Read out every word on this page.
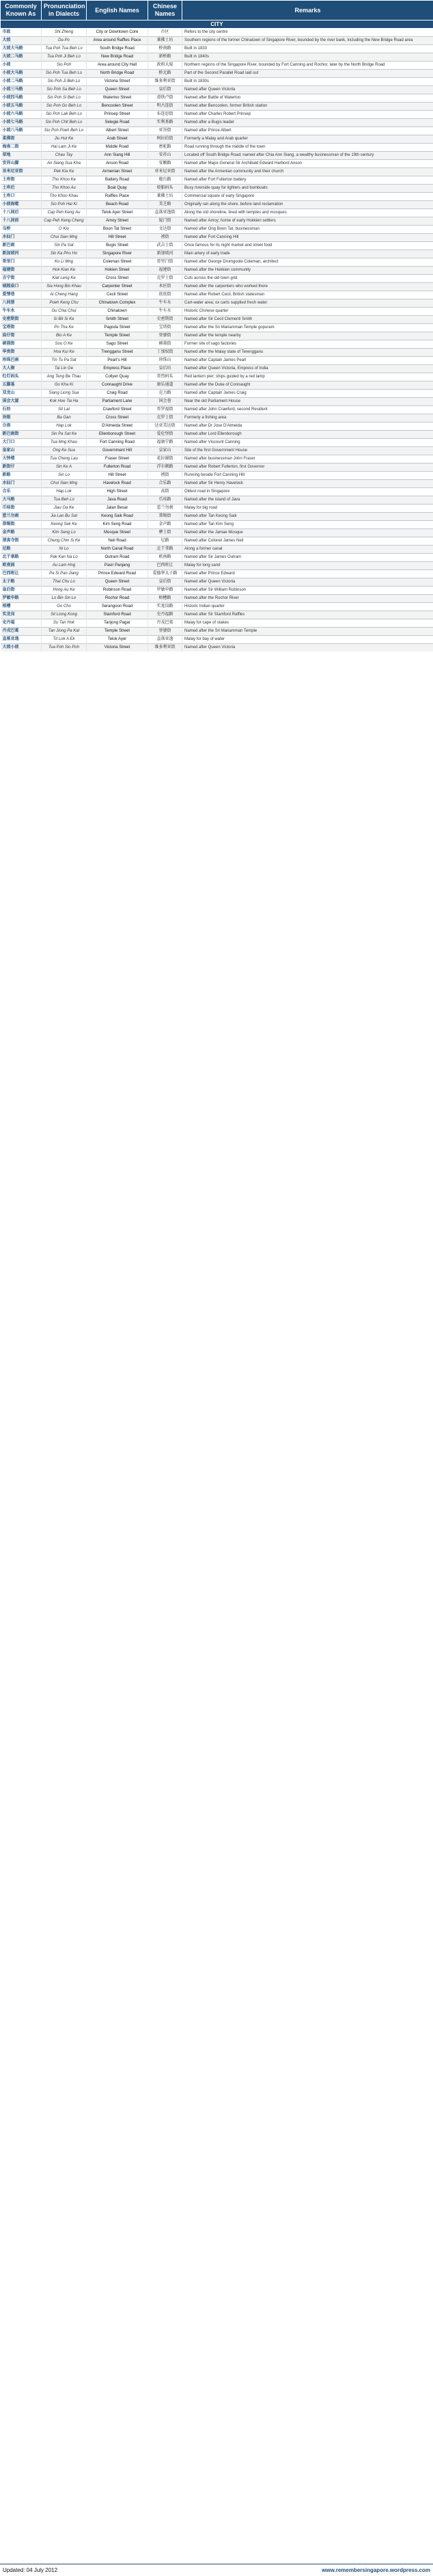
Commonly Known As	Pronunciation in Dialects	English Names	Chinese Names	Remarks
CITY				
市政	Shi Zheng	City or Downtown Core	市区	Refers to the city centre
大坡	Da Po	Area around Raffles Place	莱佛士坊	Southern regions of the former Chinatown of Singapore River, bounded by the river bank, including the New Bridge Road area
大坡大马路	Tua Poh Tua Beh Lo	South Bridge Road	桥南路	Built in 1833
大坡二马路	Tua Poh Ji Beh Lo	New Bridge Road	新桥路	Built in 1840s
小坡	Sio Poh	Area around City Hall	政府大厦	Northern regions of the Singapore River, bounded by Fort Canning and Rochor, later by the North Bridge Road
小坡大马路	Sio Poh Tua Beh Lo	North Bridge Road	桥北路	Part of the Second Parallel Road laid out
小坡二马路	Sio Poh Ji Beh Lo	Victoria Street	维多利亚街	Built in 1830s
小坡三马路	Sio Poh Sa Beh Lo	Queen Street	皇后街	Named after Queen Victoria
小坡四马路	Sio Poh Si Beh Lo	Waterloo Street	滑铁卢街	Named after Battle of Waterloo
小坡五马路	Sio Poh Go Beh Lo	Bencoolen Street	明古连街	Named after Bencoolen, former British station
小坡六马路	Sio Poh Lak Beh Lo	Prinsep Street	布连思街	Named after Charles Robert Prinsep
小坡七马路	Sio Poh Chit Beh Lo	Selegie Road	实利基路	Named after a Bugis leader
小坡八马路	Sio Poh Poeh Beh Lo	Albert Street	亚峇街	Named after Prince Albert
柔佛街	Jiu Hut Ke	Arab Street	阿拉伯街	Formerly a Malay and Arab quarter
海南二街	Hai Lam Ji Ke	Middle Road	密驼路	Road running through the middle of the town
草地	Chau Tay	Ann Siang Hill	安祥山	Located off South Bridge Road; named after Chia Ann Siang, a wealthy businessman of the 19th century
安祥山脚	An Siang Sua Kha	Anson Road	安顺路	Named after Major-General Sir Archibald Edward Harbord Anson
亚米尼亚街	Pek Kia Ke	Armenian Street	亚米尼亚街	Named after the Armenian community and their church
土库街	Tho Khoo Ke	Battery Road	炮台路	Named after Fort Fullerton battery
土库后	Tho Khoo Au	Boat Quay	驳船码头	Busy riverside quay for lighters and bumboats
土库口	Tho Khoo Khau	Raffles Place	莱佛士坊	Commercial square of early Singapore
小坡海墘	Sio Poh Hai Ki	Beach Road	美芝路	Originally ran along the shore, before land reclamation
十八间后	Cap Peh Keng Au	Telok Ayer Street	直落亚逸街	Along the old shoreline, lined with temples and mosques
十八间前	Cap Peh Keng Cheng	Amoy Street	厦门街	Named after Amoy; home of early Hokkien settlers
乌桥	O Kio	Boon Tat Street	文达街	Named after Ong Boon Tat, businessman
水仙门	Chui Sian Mng	Hill Street	禧街	Named after Fort Canning Hill
新巴刹	Sin Pa Sat	Bugis Street	武吉士街	Once famous for its night market and street food
新加坡河	Sin Ka Pho Ho	Singapore River	新加坡河	Main artery of early trade
哥里门	Ko Li Mng	Coleman Street	哥里门街	Named after George Drumgoole Coleman, architect
福建街	Hok Kian Ke	Hokien Street	福建街	Named after the Hokkien community
吉宁街	Kiat Leng Ke	Cross Street	克罗士街	Cuts across the old town grid
城隍庙口	Sia Hong Bio Khau	Carpenter Street	木匠街	Named after the carpenters who worked there
爱情巷	Ai Cheng Hang	Cecil Street	丝丝街	Named after Robert Cecil, British statesman
八间厝	Poeh Keng Chu	Chinatown Complex	牛车水	Cart-water area; ox carts supplied fresh water
牛车水	Gu Chia Chui	Chinatown	牛车水	Historic Chinese quarter
史密斯街	Si Bit Si Ke	Smith Street	史密斯街	Named after Sir Cecil Clementi Smith
宝塔街	Po Tha Ke	Pagoda Street	宝塔街	Named after the Sri Mariamman Temple gopuram
庙仔街	Bio A Ke	Temple Street	登婆街	Named after the temple nearby
硕莪街	Sou O Ke	Sago Street	硕莪街	Former site of sago factories
华贵街	Hoa Kui Ke	Trengganu Street	丁加奴街	Named after the Malay state of Terengganu
珍珠巴刹	Tin Tu Pa Sat	Pearl's Hill	珍珠山	Named after Captain James Pearl
大人衙	Tai Lin Ge	Empress Place	皇后坊	Named after Queen Victoria, Empress of India
红灯码头	Ang Teng Be Thau	Collyer Quay	哥烈码头	Red lantern pier; ships guided by a red lamp
五脚基	Go Kha Ki	Connaught Drive	康乐通道	Named after the Duke of Connaught
双龙山	Siang Liong Sua	Craig Road	克力路	Named after Captain James Craig
国会大厦	Kok Hoe Tai Ha	Parliament Lane	国会巷	Near the old Parliament House
石叻	Sit Lat	Crawford Street	哥罗福街	Named after John Crawfurd, second Resident
峇眼	Ba Gan	Cross Street	克罗士街	Formerly a fishing area
合洛	Hap Lok	D'Almeida Street	达亚美达街	Named after Dr Jose D'Almeida
新巴刹街	Sin Pa Sat Ke	Ellenborough Street	爱伦堡街	Named after Lord Ellenborough
大门口	Tua Mng Khau	Fort Canning Road	福康宁路	Named after Viscount Canning
皇家山	Ong Ke Sua	Government Hill	皇家山	Site of the first Government House
大钟楼	Tua Cheng Lau	Fraser Street	花拉谢街	Named after businessman John Fraser
新街仔	Sin Ke A	Fullerton Road	浮尔顿路	Named after Robert Fullerton, first Governor
新路	Sin Lo	Hill Street	禧街	Running beside Fort Canning Hill
水仙门	Chui Sian Mng	Havelock Road	合乐路	Named after Sir Henry Havelock
合乐	Hap Lok	High Street	高街	Oldest road in Singapore
大马路	Tua Beh Lo	Java Road	爪哇路	Named after the island of Java
爪哇街	Jiau Oa Ke	Jalan Besar	惹兰勿刹	Malay for big road
惹兰勿刹	Jia Lan Bu Sat	Keong Saik Road	恭锡街	Named after Tan Keong Saik
恭锡街	Keong Sek Ke	Kim Seng Road	金声路	Named after Tan Kim Seng
金声路	Kim Seng Lo	Mosque Street	摩士街	Named after the Jamae Mosque
清真寺街	Cheng Chin Si Ke	Neil Road	尼路	Named after Colonel James Neil
尼路	Ni Lo	North Canal Road	北干拿路	Along a former canal
北干拿路	Pak Kan Na Lo	Outram Road	欧南路	Named after Sir James Outram
欧南园	Au Lam Hng	Pasir Panjang	巴西班让	Malay for long sand
巴西班让	Pa Si Pan Jiang	Prince Edward Road	爱德华太子路	Named after Prince Edward
太子路	Thai Chu Lo	Queen Street	皇后街	Named after Queen Victoria
皇后街	Hong Au Ke	Robinson Road	罗敏申路	Named after Sir William Robinson
罗敏申路	Lo Bin Sin Lo	Rochor Road	梧槽路	Named after the Rochor River
梧槽	Go Cho	Serangoon Road	实龙岗路	Historic Indian quarter
实龙岗	Sit Liong Kong	Stamford Road	史丹福路	Named after Sir Stamford Raffles
史丹福	Su Tan Hok	Tanjong Pagar	丹戎巴葛	Malay for cape of stakes
丹戎巴葛	Tan Jiong Pa Kat	Temple Street	登婆街	Named after the Sri Mariamman Temple
直落亚逸	Tit Lok A Ek	Telok Ayer	直落亚逸	Malay for bay of water
大坡小坡	Tua Poh Sio Poh	Victoria Street	维多利亚街	Named after Queen Victoria
Updated: 04 July 2012	www.remembersingapore.wordpress.com
